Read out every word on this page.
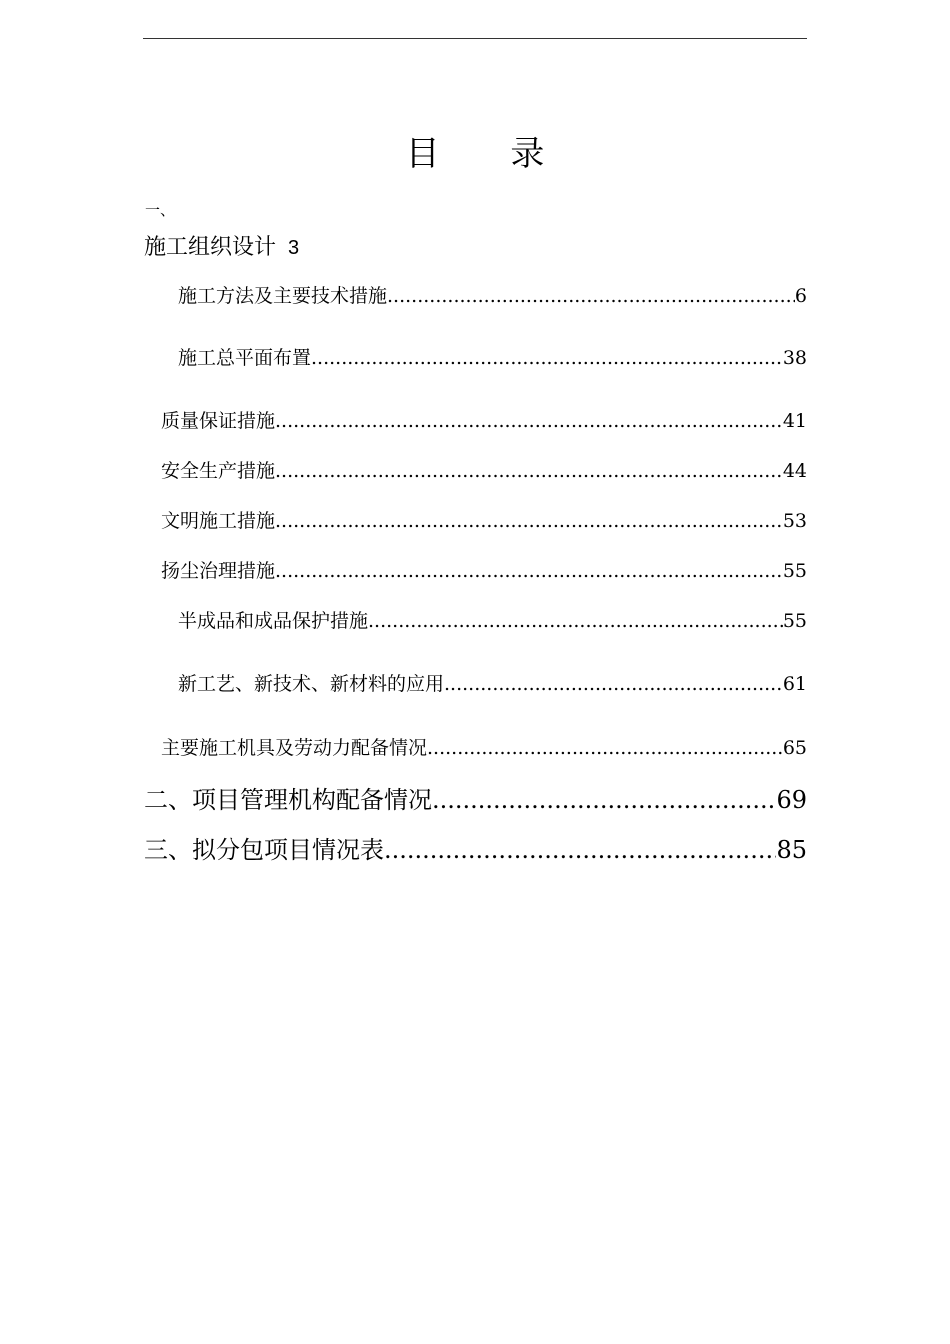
目 录
一、
施工组织设计 3
施工方法及主要技术措施 .....	6
施工总平面布置 .....	38
质量保证措施 .....	41
安全生产措施 .....	44
文明施工措施 .....	53
扬尘治理措施 .....	55
半成品和成品保护措施 .....	55
新工艺、新技术、新材料的应用 .....	61
主要施工机具及劳动力配备情况 .....	65
二、项目管理机构配备情况 .....	69
三、拟分包项目情况表 .....	85
